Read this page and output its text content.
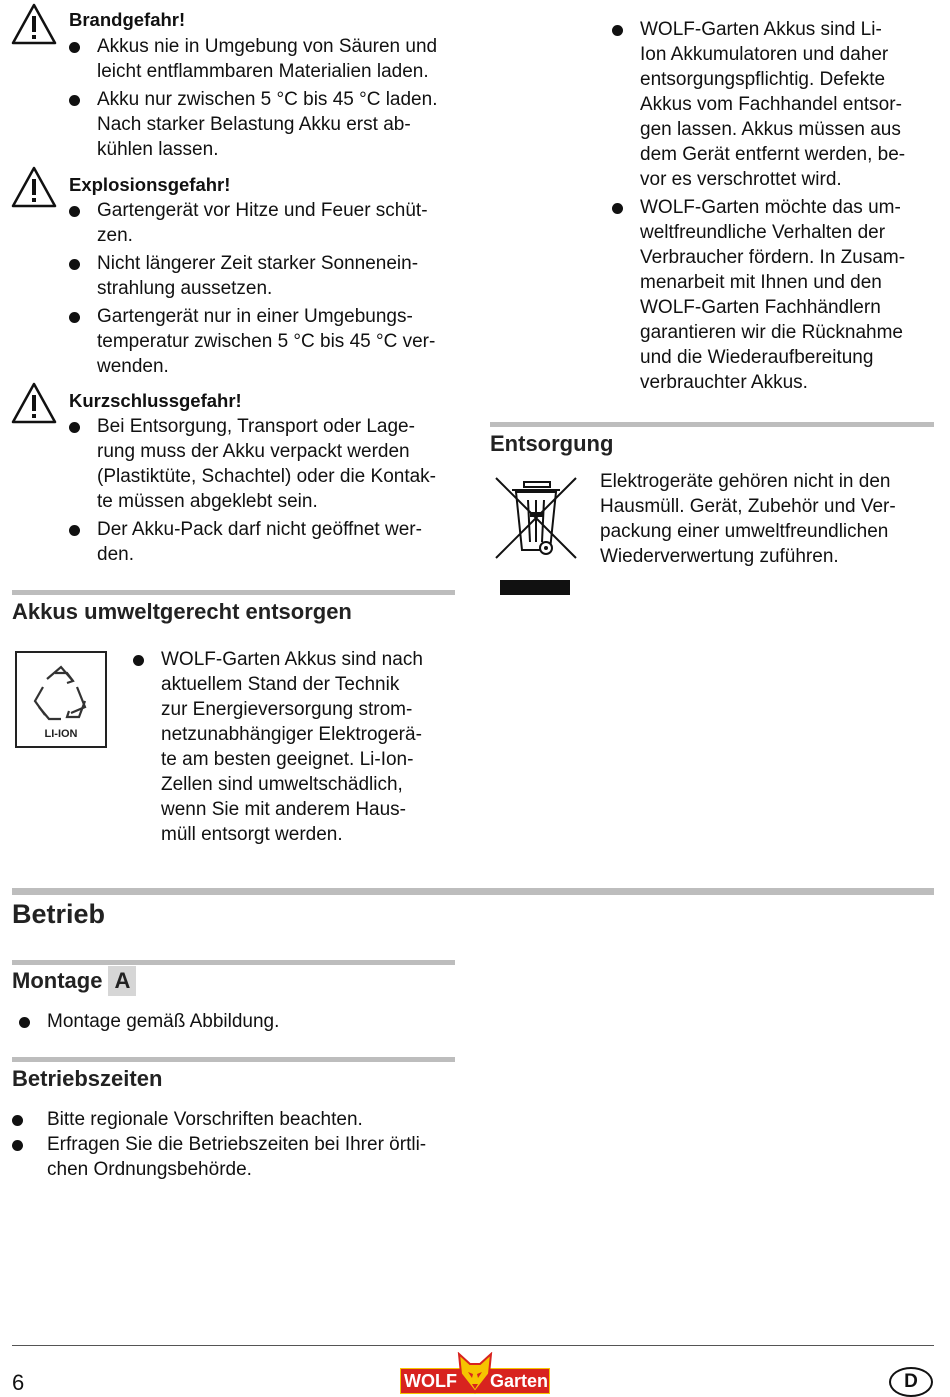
Brandgefahr!
Akkus nie in Umgebung von Säuren und
leicht entflammbaren Materialien laden.
Akku nur zwischen 5 °C bis 45 °C laden.
Nach starker Belastung Akku erst ab-
kühlen lassen.
Explosionsgefahr!
Gartengerät vor Hitze und Feuer schüt-
zen.
Nicht längerer Zeit starker Sonnenein-
strahlung aussetzen.
Gartengerät nur in einer Umgebungs-
temperatur zwischen 5 °C bis 45 °C ver-
wenden.
Kurzschlussgefahr!
Bei Entsorgung, Transport oder Lage-
rung muss der Akku verpackt werden
(Plastiktüte, Schachtel) oder die Kontak-
te müssen abgeklebt sein.
Der Akku-Pack darf nicht geöffnet wer-
den.
Akkus umweltgerecht entsorgen
LI-ION
WOLF-Garten Akkus sind nach
aktuellem Stand der Technik
zur Energieversorgung strom-
netzunabhängiger Elektrogerä-
te am besten geeignet. Li-Ion-
Zellen sind umweltschädlich,
wenn Sie mit anderem Haus-
müll entsorgt werden.
WOLF-Garten Akkus sind Li-
Ion Akkumulatoren und daher
entsorgungspflichtig. Defekte
Akkus vom Fachhandel entsor-
gen lassen. Akkus müssen aus
dem Gerät entfernt werden, be-
vor es verschrottet wird.
WOLF-Garten möchte das um-
weltfreundliche Verhalten der
Verbraucher fördern. In Zusam-
menarbeit mit Ihnen und den
WOLF-Garten Fachhändlern
garantieren wir die Rücknahme
und die Wiederaufbereitung
verbrauchter Akkus.
Entsorgung
Elektrogeräte gehören nicht in den
Hausmüll. Gerät, Zubehör und Ver-
packung einer umweltfreundlichen
Wiederverwertung zuführen.
Betrieb
Montage A
Montage gemäß Abbildung.
Betriebszeiten
Bitte regionale Vorschriften beachten.
Erfragen Sie die Betriebszeiten bei Ihrer örtli-
chen Ordnungsbehörde.
6	WOLF Garten	D
